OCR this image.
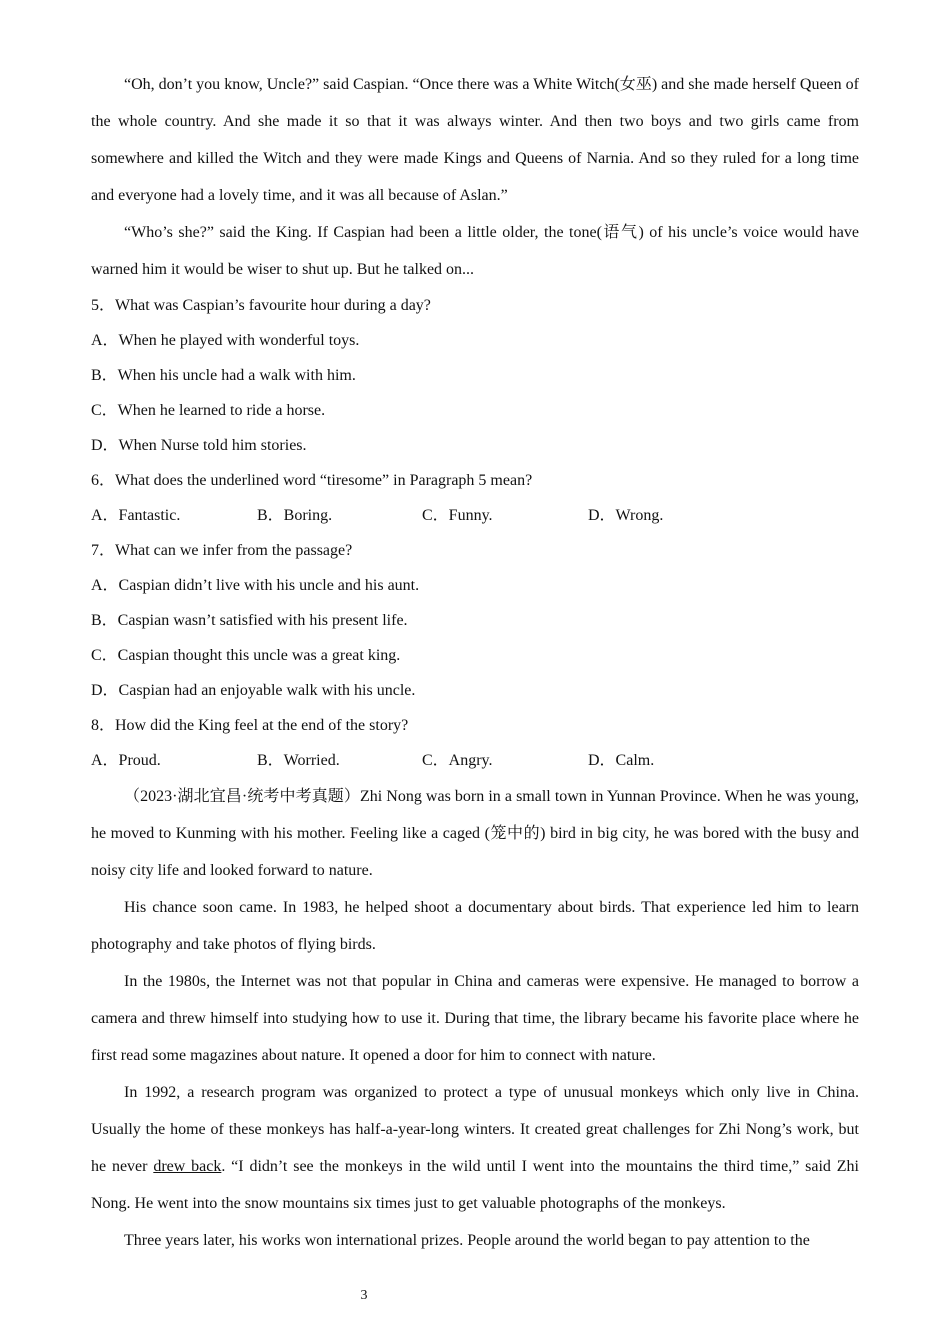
“Oh, don’t you know, Uncle?” said Caspian. “Once there was a White Witch(女巫) and she made herself Queen of the whole country. And she made it so that it was always winter. And then two boys and two girls came from somewhere and killed the Witch and they were made Kings and Queens of Narnia. And so they ruled for a long time and everyone had a lovely time, and it was all because of Aslan.”

“Who’s she?” said the King. If Caspian had been a little older, the tone(语气) of his uncle’s voice would have warned him it would be wiser to shut up. But he talked on...

5．What was Caspian’s favourite hour during a day?
A．When he played with wonderful toys.
B．When his uncle had a walk with him.
C．When he learned to ride a horse.
D．When Nurse told him stories.
6．What does the underlined word “tiresome” in Paragraph 5 mean?
A．Fantastic.	B．Boring.	C．Funny.	D．Wrong.
7．What can we infer from the passage?
A．Caspian didn’t live with his uncle and his aunt.
B．Caspian wasn’t satisfied with his present life.
C．Caspian thought this uncle was a great king.
D．Caspian had an enjoyable walk with his uncle.
8．How did the King feel at the end of the story?
A．Proud.	B．Worried.	C．Angry.	D．Calm.

（2023·湖北宜昌·统考中考真题）Zhi Nong was born in a small town in Yunnan Province. When he was young, he moved to Kunming with his mother. Feeling like a caged (笼中的) bird in big city, he was bored with the busy and noisy city life and looked forward to nature.

His chance soon came. In 1983, he helped shoot a documentary about birds. That experience led him to learn photography and take photos of flying birds.

In the 1980s, the Internet was not that popular in China and cameras were expensive. He managed to borrow a camera and threw himself into studying how to use it. During that time, the library became his favorite place where he first read some magazines about nature. It opened a door for him to connect with nature.

In 1992, a research program was organized to protect a type of unusual monkeys which only live in China. Usually the home of these monkeys has half-a-year-long winters. It created great challenges for Zhi Nong’s work, but he never drew back. “I didn’t see the monkeys in the wild until I went into the mountains the third time,” said Zhi Nong. He went into the snow mountains six times just to get valuable photographs of the monkeys.

Three years later, his works won international prizes. People around the world began to pay attention to the

3
